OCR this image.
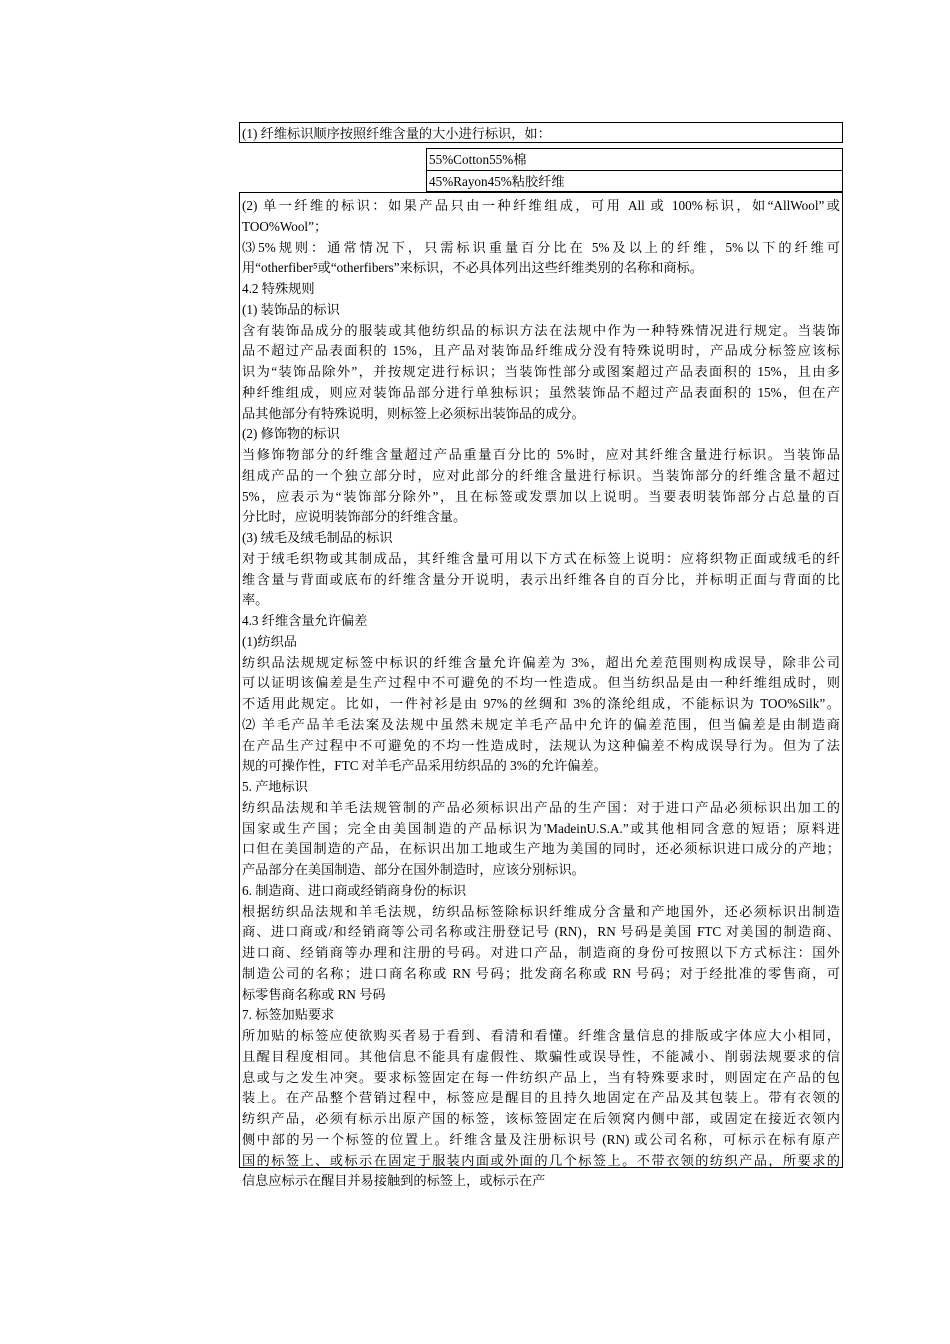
(1) 纤维标识顺序按照纤维含量的大小进行标识，如：
55%Cotton55%棉
45%Rayon45%粘胶纤维
(2) 单一纤维的标识：如果产品只由一种纤维组成，可用 All 或 100%标识，如“AllWool”或
TOO%Wool”；
⑶5%规则：通常情况下，只需标识重量百分比在 5%及以上的纤维，5%以下的纤维可
用“otherfiber⁵或“otherfibers”来标识，不必具体列出这些纤维类别的名称和商标。
4.2 特殊规则
(1) 装饰品的标识
含有装饰品成分的服装或其他纺织品的标识方法在法规中作为一种特殊情况进行规定。当装饰
品不超过产品表面积的 15%，且产品对装饰品纤维成分没有特殊说明时，产品成分标签应该标
识为“装饰品除外”，并按规定进行标识；当装饰性部分或图案超过产品表面积的 15%，且由多
种纤维组成，则应对装饰品部分进行单独标识；虽然装饰品不超过产品表面积的 15%，但在产
品其他部分有特殊说明，则标签上必须标出装饰品的成分。
(2) 修饰物的标识
当修饰物部分的纤维含量超过产品重量百分比的 5%时，应对其纤维含量进行标识。当装饰品
组成产品的一个独立部分时，应对此部分的纤维含量进行标识。当装饰部分的纤维含量不超过
5%，应表示为“装饰部分除外”，且在标签或发票加以上说明。当要表明装饰部分占总量的百
分比时，应说明装饰部分的纤维含量。
(3) 绒毛及绒毛制品的标识
对于绒毛织物或其制成品，其纤维含量可用以下方式在标签上说明：应将织物正面或绒毛的纤
维含量与背面或底布的纤维含量分开说明，表示出纤维各自的百分比，并标明正面与背面的比
率。
4.3 纤维含量允许偏差
(1)纺织品
纺织品法规规定标签中标识的纤维含量允许偏差为 3%，超出允差范围则构成误导，除非公司
可以证明该偏差是生产过程中不可避免的不均一性造成。但当纺织品是由一种纤维组成时，则
不适用此规定。比如，一件衬衫是由 97%的丝绸和 3%的涤纶组成，不能标识为 TOO%Silk”。
⑵ 羊毛产品羊毛法案及法规中虽然未规定羊毛产品中允许的偏差范围，但当偏差是由制造商
在产品生产过程中不可避免的不均一性造成时，法规认为这种偏差不构成误导行为。但为了法
规的可操作性，FTC 对羊毛产品采用纺织品的 3%的允许偏差。
5. 产地标识
纺织品法规和羊毛法规管制的产品必须标识出产品的生产国：对于进口产品必须标识出加工的
国家或生产国；完全由美国制造的产品标识为'MadeinU.S.A.”或其他相同含意的短语；原料进
口但在美国制造的产品，在标识出加工地或生产地为美国的同时，还必须标识进口成分的产地；
产品部分在美国制造、部分在国外制造时，应该分别标识。
6. 制造商、进口商或经销商身份的标识
根据纺织品法规和羊毛法规，纺织品标签除标识纤维成分含量和产地国外，还必须标识出制造
商、进口商或/和经销商等公司名称或注册登记号 (RN)，RN 号码是美国 FTC 对美国的制造商、
进口商、经销商等办理和注册的号码。对进口产品，制造商的身份可按照以下方式标注：国外
制造公司的名称；进口商名称或 RN 号码；批发商名称或 RN 号码；对于经批准的零售商，可
标零售商名称或 RN 号码
7. 标签加贴要求
所加贴的标签应使欲购买者易于看到、看清和看懂。纤维含量信息的排版或字体应大小相同，
且醒目程度相同。其他信息不能具有虚假性、欺骗性或误导性，不能减小、削弱法规要求的信
息或与之发生冲突。要求标签固定在每一件纺织产品上，当有特殊要求时，则固定在产品的包
装上。在产品整个营销过程中，标签应是醒目的且持久地固定在产品及其包装上。带有衣领的
纺织产品，必须有标示出原产国的标签，该标签固定在后领窝内侧中部，或固定在接近衣领内
侧中部的另一个标签的位置上。纤维含量及注册标识号 (RN) 或公司名称，可标示在标有原产
国的标签上、或标示在固定于服装内面或外面的几个标签上。不带衣领的纺织产品，所要求的
信息应标示在醒目并易接触到的标签上，或标示在产
